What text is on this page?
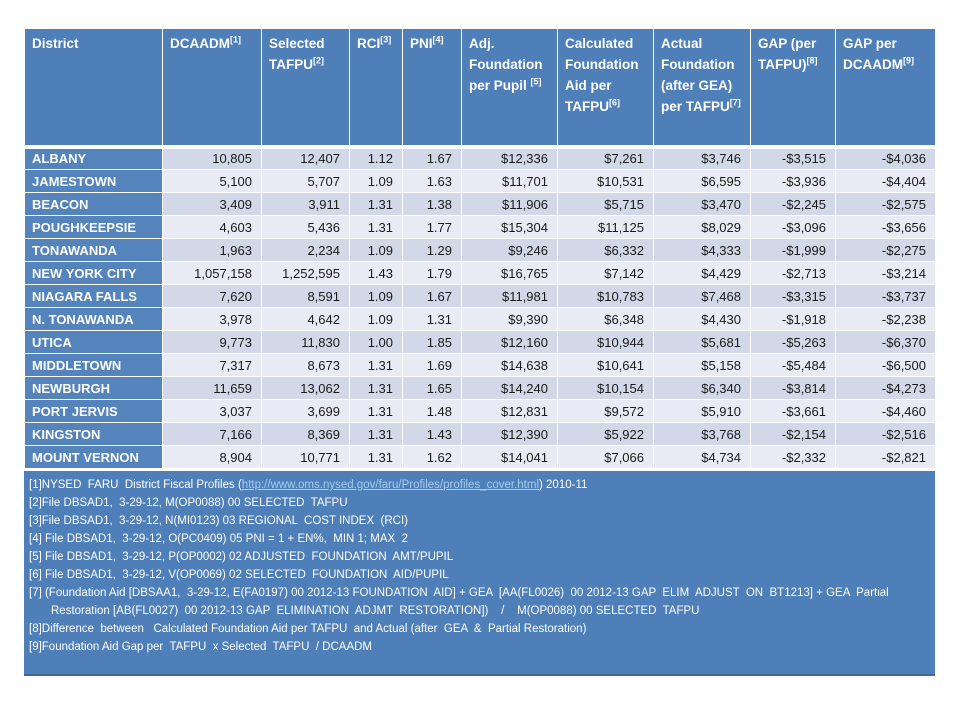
District	DCAADM[1]	Selected TAFPU[2]	RCI[3]	PNI[4]	Adj. Foundation per Pupil [5]	Calculated Foundation Aid per TAFPU[6]	Actual Foundation (after GEA) per TAFPU[7]	GAP (per TAFPU)[8]	GAP per DCAADM[9]
ALBANY	10,805	12,407	1.12	1.67	$12,336	$7,261	$3,746	-$3,515	-$4,036
JAMESTOWN	5,100	5,707	1.09	1.63	$11,701	$10,531	$6,595	-$3,936	-$4,404
BEACON	3,409	3,911	1.31	1.38	$11,906	$5,715	$3,470	-$2,245	-$2,575
POUGHKEEPSIE	4,603	5,436	1.31	1.77	$15,304	$11,125	$8,029	-$3,096	-$3,656
TONAWANDA	1,963	2,234	1.09	1.29	$9,246	$6,332	$4,333	-$1,999	-$2,275
NEW YORK CITY	1,057,158	1,252,595	1.43	1.79	$16,765	$7,142	$4,429	-$2,713	-$3,214
NIAGARA FALLS	7,620	8,591	1.09	1.67	$11,981	$10,783	$7,468	-$3,315	-$3,737
N. TONAWANDA	3,978	4,642	1.09	1.31	$9,390	$6,348	$4,430	-$1,918	-$2,238
UTICA	9,773	11,830	1.00	1.85	$12,160	$10,944	$5,681	-$5,263	-$6,370
MIDDLETOWN	7,317	8,673	1.31	1.69	$14,638	$10,641	$5,158	-$5,484	-$6,500
NEWBURGH	11,659	13,062	1.31	1.65	$14,240	$10,154	$6,340	-$3,814	-$4,273
PORT JERVIS	3,037	3,699	1.31	1.48	$12,831	$9,572	$5,910	-$3,661	-$4,460
KINGSTON	7,166	8,369	1.31	1.43	$12,390	$5,922	$3,768	-$2,154	-$2,516
MOUNT VERNON	8,904	10,771	1.31	1.62	$14,041	$7,066	$4,734	-$2,332	-$2,821
[1]NYSED  FARU  District Fiscal Profiles (http://www.oms.nysed.gov/faru/Profiles/profiles_cover.html) 2010-11
[2]File DBSAD1,  3-29-12, M(OP0088) 00 SELECTED  TAFPU
[3]File DBSAD1,  3-29-12, N(MI0123) 03 REGIONAL  COST INDEX  (RCI)
[4] File DBSAD1,  3-29-12, O(PC0409) 05 PNI = 1 + EN%,  MIN 1; MAX  2
[5] File DBSAD1,  3-29-12, P(OP0002) 02 ADJUSTED  FOUNDATION  AMT/PUPIL
[6] File DBSAD1,  3-29-12, V(OP0069) 02 SELECTED  FOUNDATION  AID/PUPIL
[7] (Foundation Aid [DBSAA1,  3-29-12, E(FA0197) 00 2012-13 FOUNDATION  AID] + GEA  [AA(FL0026)  00 2012-13 GAP  ELIM  ADJUST  ON  BT1213] + GEA  Partial
Restoration [AB(FL0027)  00 2012-13 GAP  ELIMINATION  ADJMT  RESTORATION])    /    M(OP0088) 00 SELECTED  TAFPU
[8]Difference  between   Calculated Foundation Aid per TAFPU  and Actual (after  GEA  &  Partial Restoration)
[9]Foundation Aid Gap per  TAFPU  x Selected  TAFPU  / DCAADM
